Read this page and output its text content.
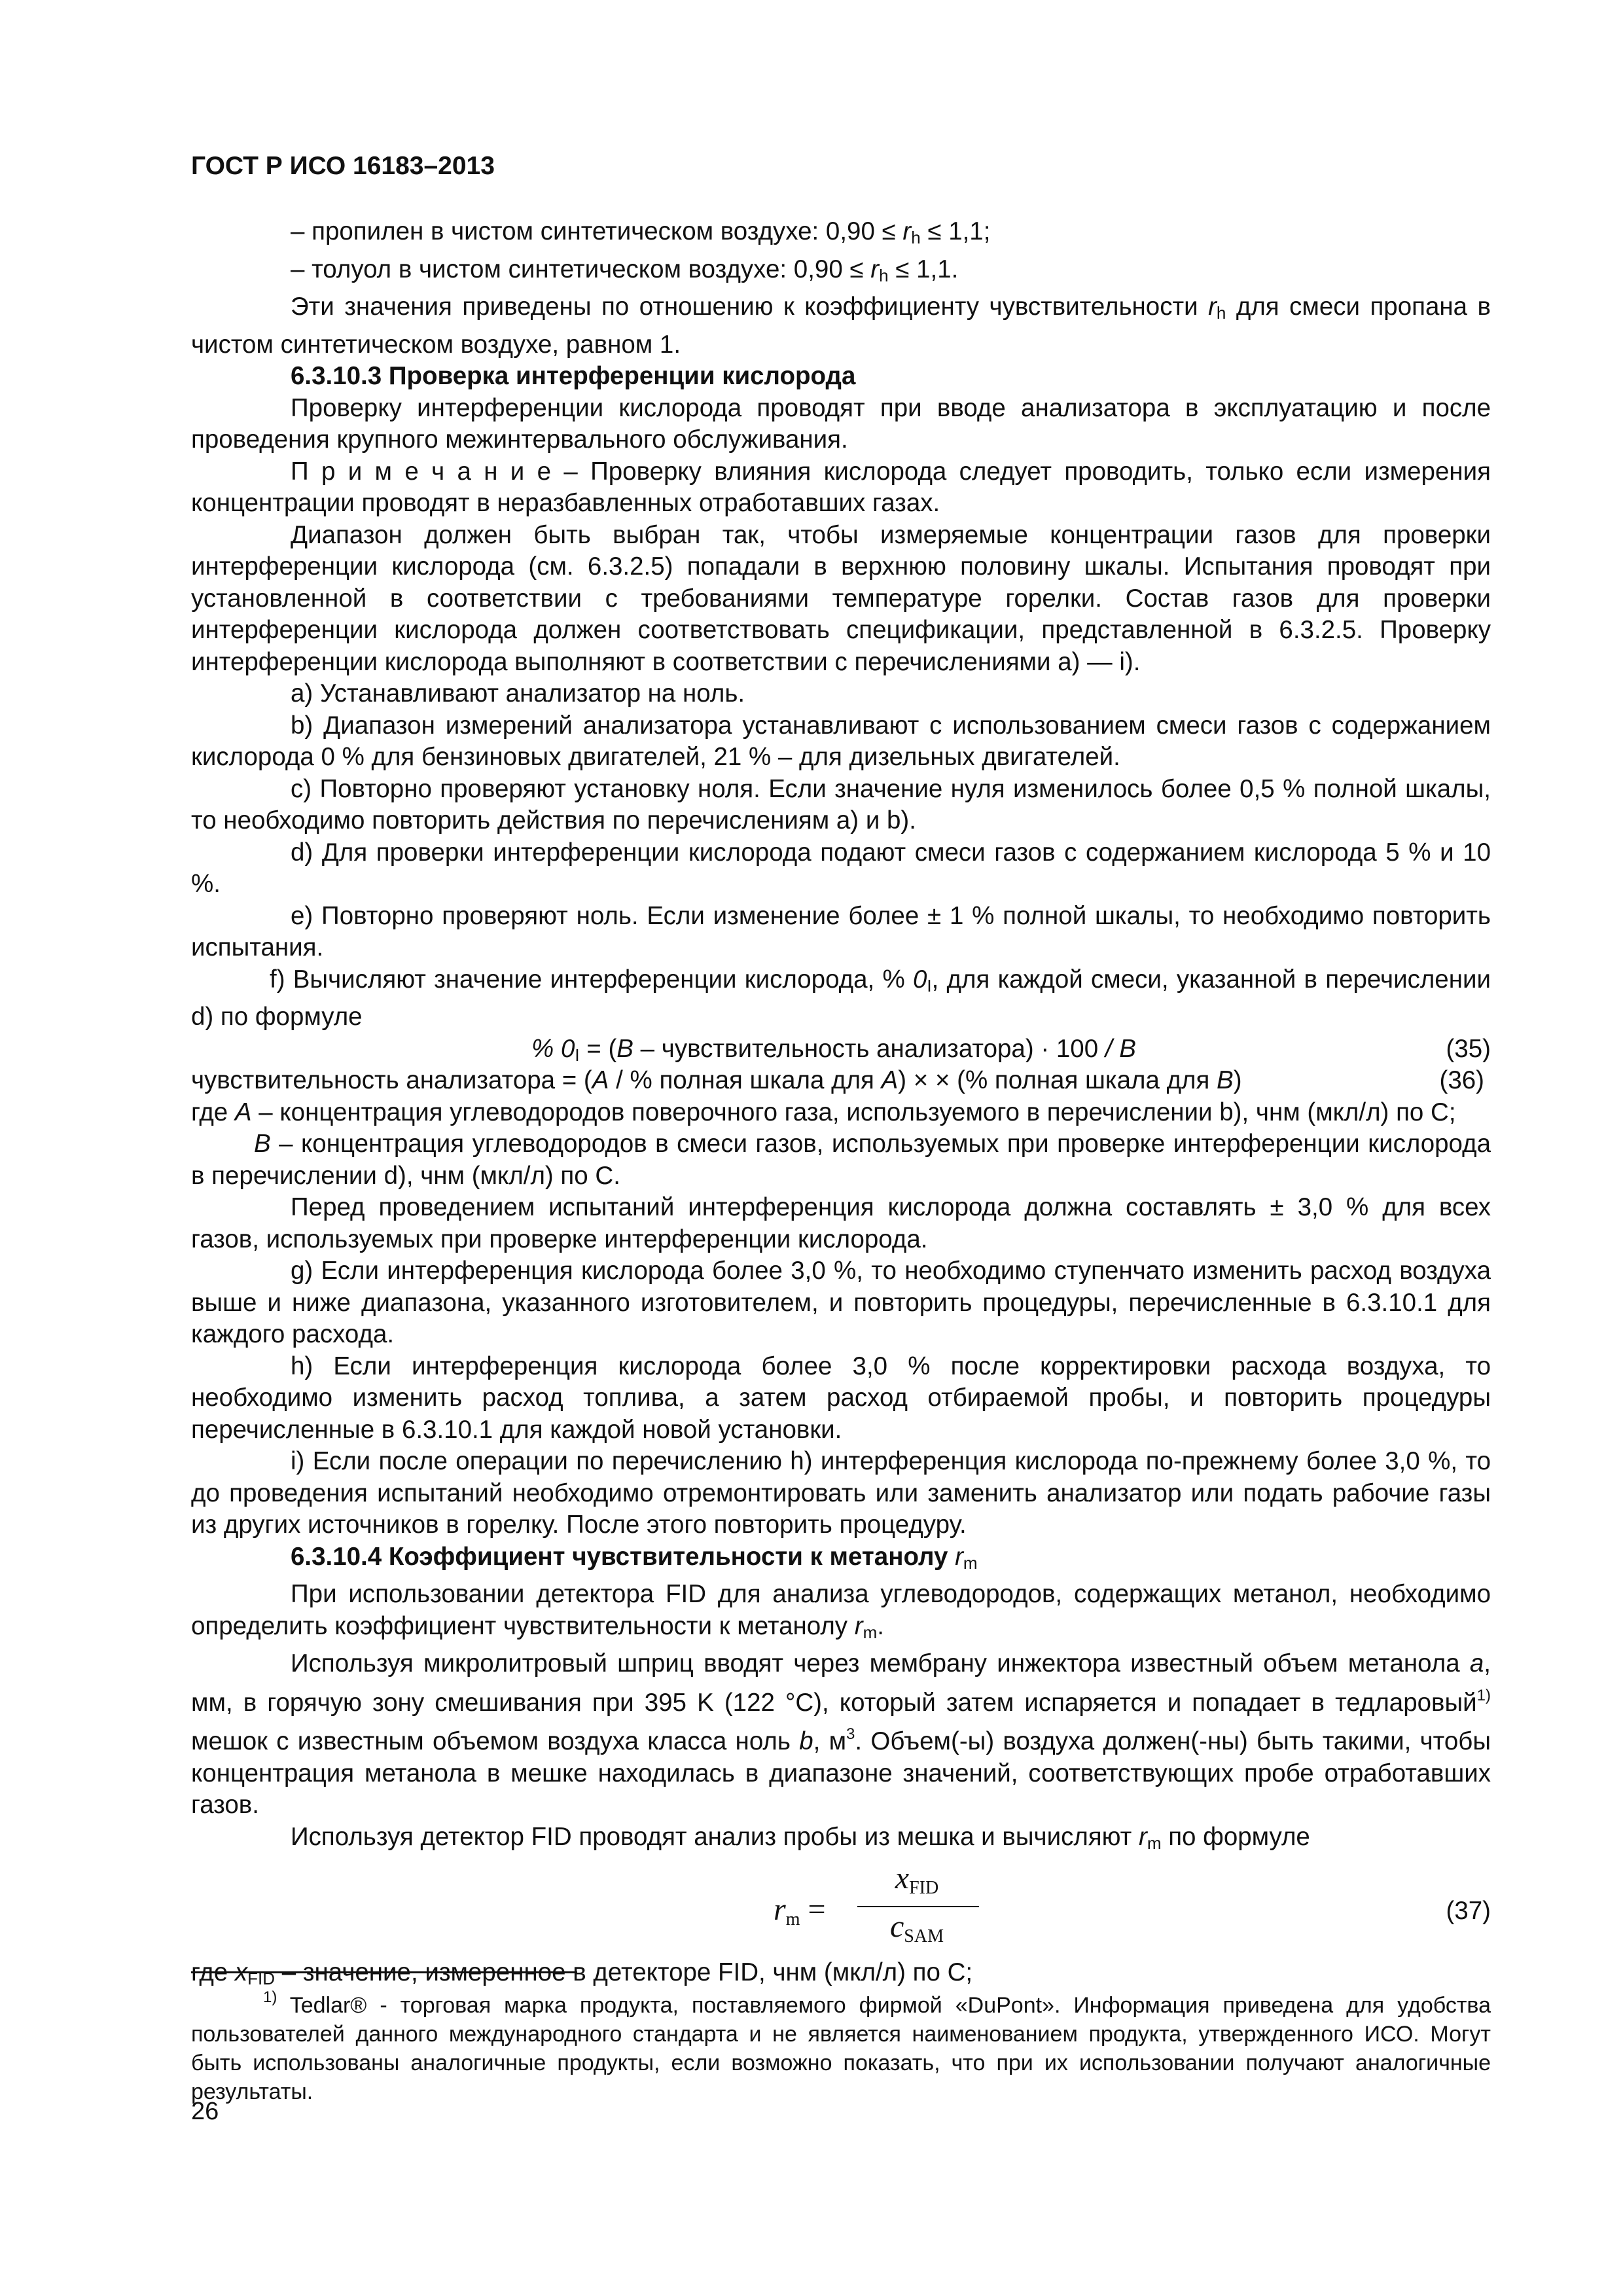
ГОСТ Р ИСО 16183–2013

– пропилен в чистом синтетическом воздухе: $0,90 \le r_h \le 1,1$;

– толуол в чистом синтетическом воздухе: $0,90 \le r_h \le 1,1$.

Эти значения приведены по отношению к коэффициенту чувствительности $r_h$ для смеси пропана в чистом синтетическом воздухе, равном 1.

6.3.10.3 Проверка интерференции кислорода

Проверку интерференции кислорода проводят при вводе анализатора в эксплуатацию и после проведения крупного межинтервального обслуживания.

П р и м е ч а н и е – Проверку влияния кислорода следует проводить, только если измерения концентрации проводят в неразбавленных отработавших газах.

Диапазон должен быть выбран так, чтобы измеряемые концентрации газов для проверки интерференции кислорода (см. 6.3.2.5) попадали в верхнюю половину шкалы. Испытания проводят при установленной в соответствии с требованиями температуре горелки. Состав газов для проверки интерференции кислорода должен соответствовать спецификации, представленной в 6.3.2.5. Проверку интерференции кислорода выполняют в соответствии с перечислениями а) — i).

а) Устанавливают анализатор на ноль.

b) Диапазон измерений анализатора устанавливают с использованием смеси газов с содержанием кислорода 0 % для бензиновых двигателей, 21 % – для дизельных двигателей.

c) Повторно проверяют установку ноля. Если значение нуля изменилось более 0,5 % полной шкалы, то необходимо повторить действия по перечислениям а) и b).

d) Для проверки интерференции кислорода подают смеси газов с содержанием кислорода 5 % и 10 %.

e) Повторно проверяют ноль. Если изменение более ± 1 % полной шкалы, то необходимо повторить испытания.

f) Вычисляют значение интерференции кислорода, % $0_I$, для каждой смеси, указанной в перечислении d) по формуле

% $0_I = (B$ – чувствительность анализатора) · 100 / B	(35)
чувствительность анализатора = (A / % полная шкала для A) × × (% полная шкала для B)	(36)

где A – концентрация углеводородов поверочного газа, используемого в перечислении b), чнм (мкл/л) по С;

B – концентрация углеводородов в смеси газов, используемых при проверке интерференции кислорода в перечислении d), чнм (мкл/л) по С.

Перед проведением испытаний интерференция кислорода должна составлять ± 3,0 % для всех газов, используемых при проверке интерференции кислорода.

g) Если интерференция кислорода более 3,0 %, то необходимо ступенчато изменить расход воздуха выше и ниже диапазона, указанного изготовителем, и повторить процедуры, перечисленные в 6.3.10.1 для каждого расхода.

h) Если интерференция кислорода более 3,0 % после корректировки расхода воздуха, то необходимо изменить расход топлива, а затем расход отбираемой пробы, и повторить процедуры перечисленные в 6.3.10.1 для каждой новой установки.

i) Если после операции по перечислению h) интерференция кислорода по-прежнему более 3,0 %, то до проведения испытаний необходимо отремонтировать или заменить анализатор или подать рабочие газы из других источников в горелку. После этого повторить процедуру.

6.3.10.4 Коэффициент чувствительности к метанолу $r_m$

При использовании детектора FID для анализа углеводородов, содержащих метанол, необходимо определить коэффициент чувствительности к метанолу $r_m$.

Используя микролитровый шприц вводят через мембрану инжектора известный объем метанола a, мм, в горячую зону смешивания при 395 K (122 °C), который затем испаряется и попадает в тедларовый$^{1)}$ мешок с известным объемом воздуха класса ноль b, $м^3$. Объем(-ы) воздуха должен(-ны) быть такими, чтобы концентрация метанола в мешке находилась в диапазоне значений, соответствующих пробе отработавших газов.

Используя детектор FID проводят анализ пробы из мешка и вычисляют $r_m$ по формуле

rm =
xFID
cSAM
(37)

где $x_{FID}$ – значение, измеренное в детекторе FID, чнм (мкл/л) по С;

$^{1)}$ Tedlar® - торговая марка продукта, поставляемого фирмой «DuPont». Информация приведена для удобства пользователей данного международного стандарта и не является наименованием продукта, утвержденного ИСО. Могут быть использованы аналогичные продукты, если возможно показать, что при их использовании получают аналогичные результаты.

26
